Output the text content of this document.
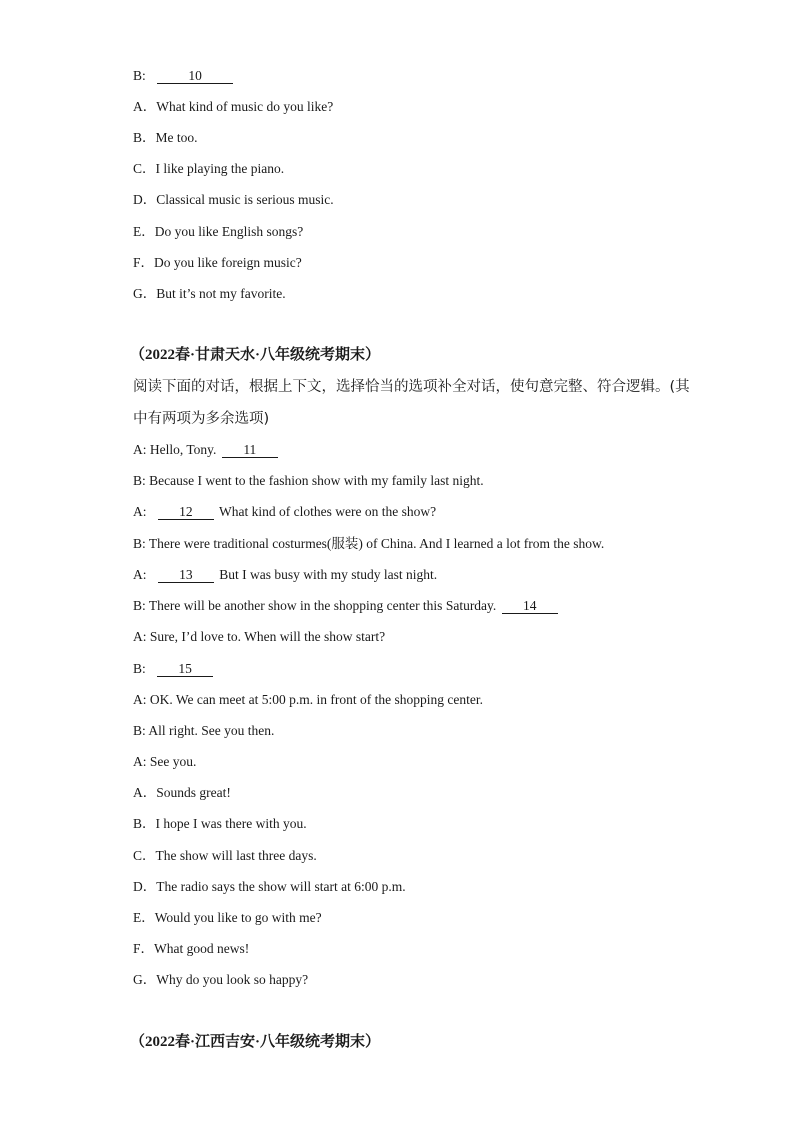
B:	10
A．What kind of music do you like?
B．Me too.
C．I like playing the piano.
D．Classical music is serious music.
E．Do you like English songs?
F．Do you like foreign music?
G．But it’s not my favorite.
（2022春·甘肃天水·八年级统考期末）
阅读下面的对话，根据上下文，选择恰当的选项补全对话，使句意完整、符合逻辑。(其
中有两项为多余选项)
A: Hello, Tony. 11
B: Because I went to the fashion show with my family last night.
A: 12 What kind of clothes were on the show?
B: There were traditional costurmes(服装) of China. And I learned a lot from the show.
A: 13 But I was busy with my study last night.
B: There will be another show in the shopping center this Saturday. 14
A: Sure, I’d love to. When will the show start?
B: 15
A: OK. We can meet at 5:00 p.m. in front of the shopping center.
B: All right. See you then.
A: See you.
A．Sounds great!
B．I hope I was there with you.
C．The show will last three days.
D．The radio says the show will start at 6:00 p.m.
E．Would you like to go with me?
F．What good news!
G．Why do you look so happy?
（2022春·江西吉安·八年级统考期末）
